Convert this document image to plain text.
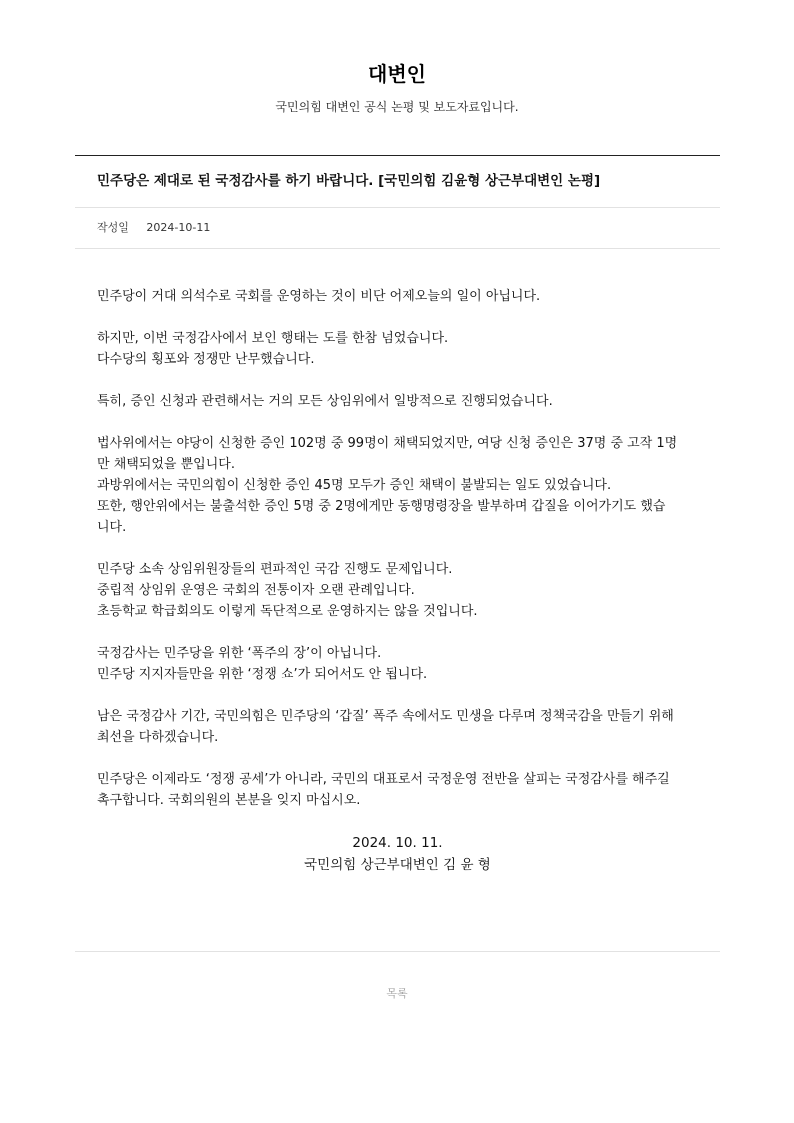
대변인
국민의힘 대변인 공식 논평 및 보도자료입니다.
민주당은 제대로 된 국정감사를 하기 바랍니다. [국민의힘 김윤형 상근부대변인 논평]
작성일 2024-10-11

민주당이 거대 의석수로 국회를 운영하는 것이 비단 어제오늘의 일이 아닙니다.

하지만, 이번 국정감사에서 보인 행태는 도를 한참 넘었습니다.
다수당의 횡포와 정쟁만 난무했습니다.

특히, 증인 신청과 관련해서는 거의 모든 상임위에서 일방적으로 진행되었습니다.

법사위에서는 야당이 신청한 증인 102명 중 99명이 채택되었지만, 여당 신청 증인은 37명 중 고작 1명
만 채택되었을 뿐입니다.
과방위에서는 국민의힘이 신청한 증인 45명 모두가 증인 채택이 불발되는 일도 있었습니다.
또한, 행안위에서는 불출석한 증인 5명 중 2명에게만 동행명령장을 발부하며 갑질을 이어가기도 했습
니다.

민주당 소속 상임위원장들의 편파적인 국감 진행도 문제입니다.
중립적 상임위 운영은 국회의 전통이자 오랜 관례입니다.
초등학교 학급회의도 이렇게 독단적으로 운영하지는 않을 것입니다.

국정감사는 민주당을 위한 ‘폭주의 장’이 아닙니다.
민주당 지지자들만을 위한 ‘정쟁 쇼’가 되어서도 안 됩니다.

남은 국정감사 기간, 국민의힘은 민주당의 ‘갑질’ 폭주 속에서도 민생을 다루며 정책국감을 만들기 위해
최선을 다하겠습니다.

민주당은 이제라도 ‘정쟁 공세’가 아니라, 국민의 대표로서 국정운영 전반을 살피는 국정감사를 해주길
촉구합니다. 국회의원의 본분을 잊지 마십시오.

2024. 10. 11.
국민의힘 상근부대변인 김 윤 형
목록
